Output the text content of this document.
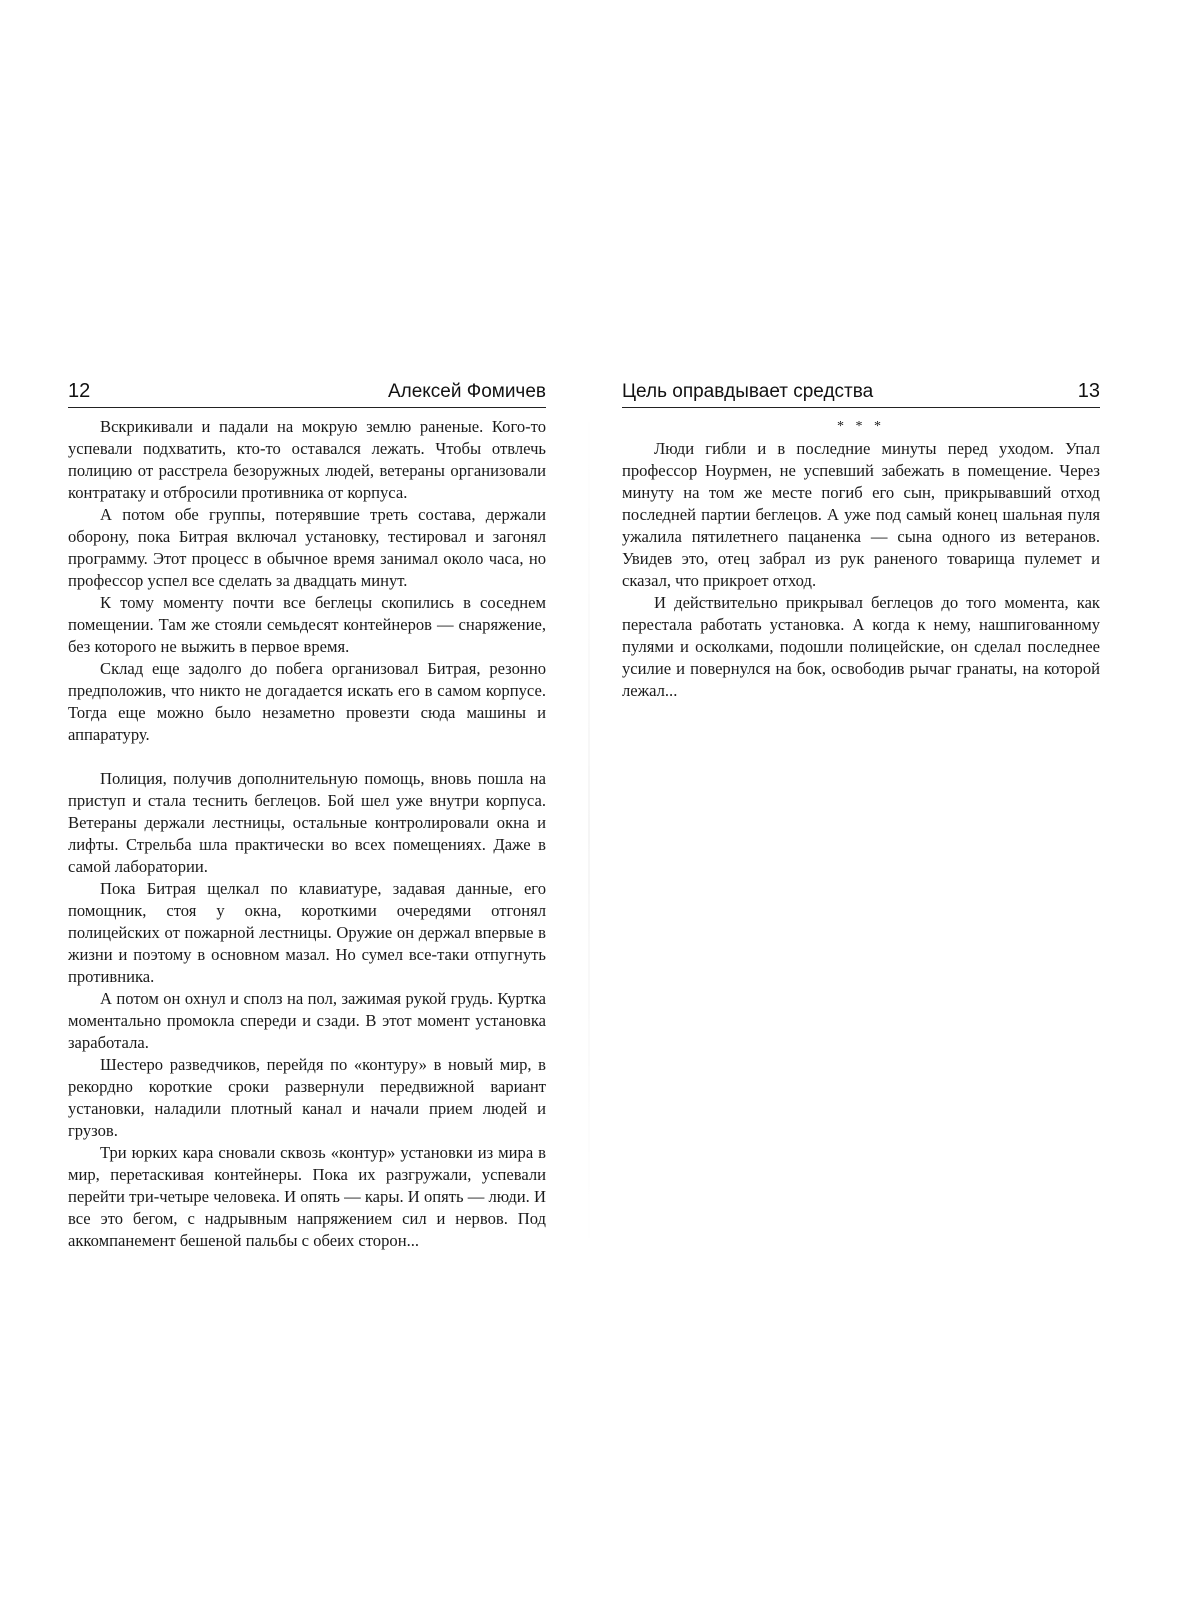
12	Алексей Фомичев

Вскрикивали и падали на мокрую землю раненые. Кого-то успевали подхватить, кто-то оставался лежать. Чтобы отвлечь полицию от расстрела безоружных людей, ветераны организовали контратаку и отбросили противника от корпуса.

А потом обе группы, потерявшие треть состава, держали оборону, пока Битрая включал установку, тестировал и загонял программу. Этот процесс в обычное время занимал около часа, но профессор успел все сделать за двадцать минут.

К тому моменту почти все беглецы скопились в соседнем помещении. Там же стояли семьдесят контейнеров — снаряжение, без которого не выжить в первое время.

Склад еще задолго до побега организовал Битрая, резонно предположив, что никто не догадается искать его в самом корпусе. Тогда еще можно было незаметно провезти сюда машины и аппаратуру.

Полиция, получив дополнительную помощь, вновь пошла на приступ и стала теснить беглецов. Бой шел уже внутри корпуса. Ветераны держали лестницы, остальные контролировали окна и лифты. Стрельба шла практически во всех помещениях. Даже в самой лаборатории.

Пока Битрая щелкал по клавиатуре, задавая данные, его помощник, стоя у окна, короткими очередями отгонял полицейских от пожарной лестницы. Оружие он держал впервые в жизни и поэтому в основном мазал. Но сумел все-таки отпугнуть противника.

А потом он охнул и сполз на пол, зажимая рукой грудь. Куртка моментально промокла спереди и сзади. В этот момент установка заработала.

Шестеро разведчиков, перейдя по «контуру» в новый мир, в рекордно короткие сроки развернули передвижной вариант установки, наладили плотный канал и начали прием людей и грузов.

Три юрких кара сновали сквозь «контур» установки из мира в мир, перетаскивая контейнеры. Пока их разгружали, успевали перейти три-четыре человека. И опять — кары. И опять — люди. И все это бегом, с надрывным напряжением сил и нервов. Под аккомпанемент бешеной пальбы с обеих сторон...

Цель оправдывает средства	13

* * *

Люди гибли и в последние минуты перед уходом. Упал профессор Ноурмен, не успевший забежать в помещение. Через минуту на том же месте погиб его сын, прикрывавший отход последней партии беглецов. А уже под самый конец шальная пуля ужалила пятилетнего пацаненка — сына одного из ветеранов. Увидев это, отец забрал из рук раненого товарища пулемет и сказал, что прикроет отход.

И действительно прикрывал беглецов до того момента, как перестала работать установка. А когда к нему, нашпигованному пулями и осколками, подошли полицейские, он сделал последнее усилие и повернулся на бок, освободив рычаг гранаты, на которой лежал...
